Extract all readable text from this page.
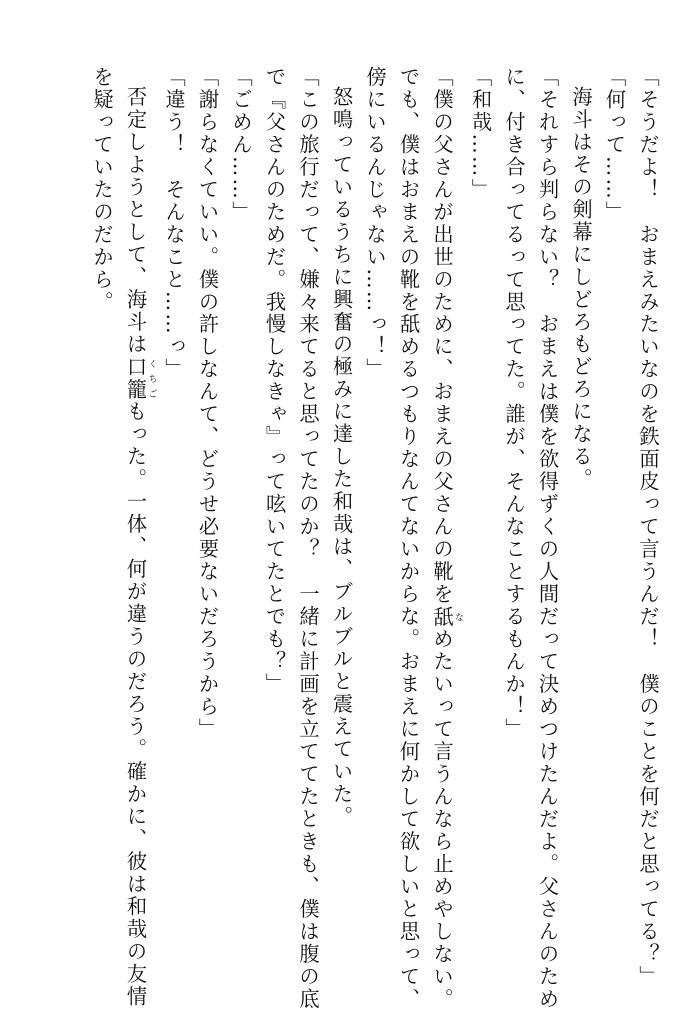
「そうだよ！　おまえみたいなのを鉄面皮って言うんだ！　僕のことを何だと思ってる？」

「何って……」

海斗はその剣幕にしどろもどろになる。

「それすら判らない？　おまえは僕を欲得ずくの人間だって決めつけたんだよ。父さんのため

に、付き合ってるって思ってた。誰が、そんなことするもんか！」

「和哉……」

「僕の父さんが出世のために、おまえの父さんの靴を舐 なめたいって言うんなら止めやしない。

でも、僕はおまえの靴を舐めるつもりなんてないからな。おまえに何かして欲しいと思って、

傍にいるんじゃない……っ！」

怒鳴っているうちに興奮の極みに達した和哉は、ブルブルと震えていた。

「この旅行だって、嫌々来てると思ってたのか？　一緒に計画を立ててたときも、僕は腹の底

で『父さんのためだ。我慢しなきゃ』って呟いてたとでも？」

「ごめん……」

「謝らなくていい。僕の許しなんて、どうせ必要ないだろうから」

「違う！　そんなこと……っ」

否定しようとして、海斗は口籠 くちごもった。一体、何が違うのだろう。確かに、彼は和哉の友情

を疑っていたのだから。
